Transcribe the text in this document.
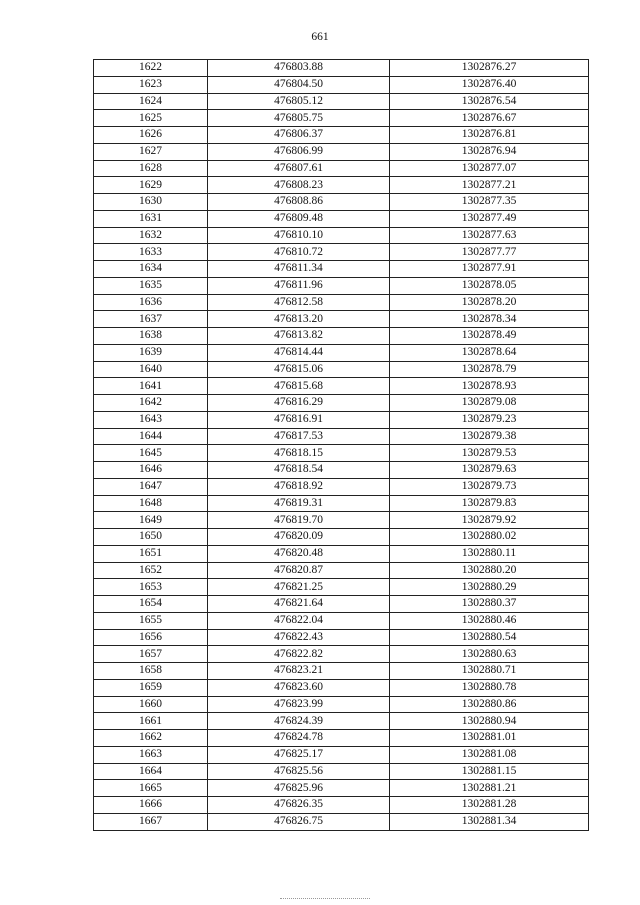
661
1622	476803.88	1302876.27
1623	476804.50	1302876.40
1624	476805.12	1302876.54
1625	476805.75	1302876.67
1626	476806.37	1302876.81
1627	476806.99	1302876.94
1628	476807.61	1302877.07
1629	476808.23	1302877.21
1630	476808.86	1302877.35
1631	476809.48	1302877.49
1632	476810.10	1302877.63
1633	476810.72	1302877.77
1634	476811.34	1302877.91
1635	476811.96	1302878.05
1636	476812.58	1302878.20
1637	476813.20	1302878.34
1638	476813.82	1302878.49
1639	476814.44	1302878.64
1640	476815.06	1302878.79
1641	476815.68	1302878.93
1642	476816.29	1302879.08
1643	476816.91	1302879.23
1644	476817.53	1302879.38
1645	476818.15	1302879.53
1646	476818.54	1302879.63
1647	476818.92	1302879.73
1648	476819.31	1302879.83
1649	476819.70	1302879.92
1650	476820.09	1302880.02
1651	476820.48	1302880.11
1652	476820.87	1302880.20
1653	476821.25	1302880.29
1654	476821.64	1302880.37
1655	476822.04	1302880.46
1656	476822.43	1302880.54
1657	476822.82	1302880.63
1658	476823.21	1302880.71
1659	476823.60	1302880.78
1660	476823.99	1302880.86
1661	476824.39	1302880.94
1662	476824.78	1302881.01
1663	476825.17	1302881.08
1664	476825.56	1302881.15
1665	476825.96	1302881.21
1666	476826.35	1302881.28
1667	476826.75	1302881.34
